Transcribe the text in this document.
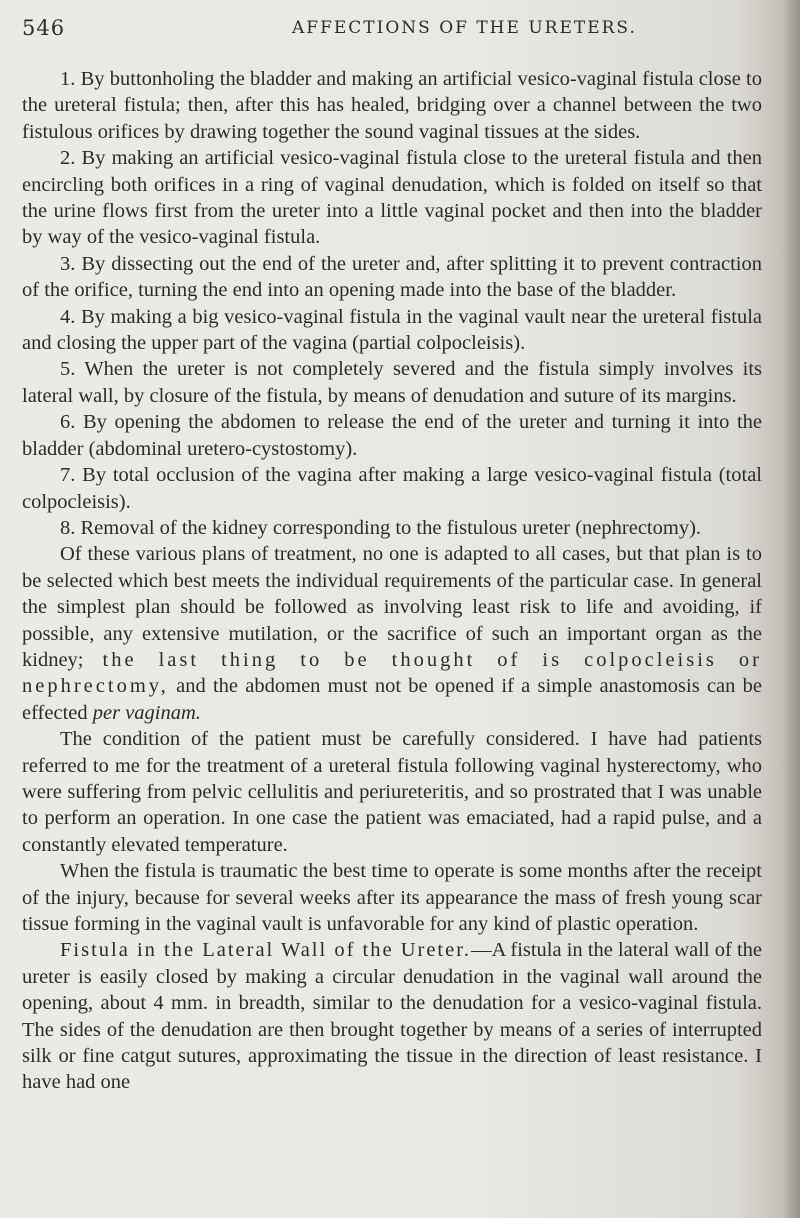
546	AFFECTIONS OF THE URETERS.

1. By buttonholing the bladder and making an artificial vesico-vaginal fistula close to the ureteral fistula; then, after this has healed, bridging over a channel between the two fistulous orifices by drawing together the sound vaginal tissues at the sides.

2. By making an artificial vesico-vaginal fistula close to the ureteral fistula and then encircling both orifices in a ring of vaginal denudation, which is folded on itself so that the urine flows first from the ureter into a little vaginal pocket and then into the bladder by way of the vesico-vaginal fistula.

3. By dissecting out the end of the ureter and, after splitting it to prevent contraction of the orifice, turning the end into an opening made into the base of the bladder.

4. By making a big vesico-vaginal fistula in the vaginal vault near the ureteral fistula and closing the upper part of the vagina (partial colpocleisis).

5. When the ureter is not completely severed and the fistula simply involves its lateral wall, by closure of the fistula, by means of denudation and suture of its margins.

6. By opening the abdomen to release the end of the ureter and turning it into the bladder (abdominal uretero-cystostomy).

7. By total occlusion of the vagina after making a large vesico-vaginal fistula (total colpocleisis).

8. Removal of the kidney corresponding to the fistulous ureter (nephrectomy).

Of these various plans of treatment, no one is adapted to all cases, but that plan is to be selected which best meets the individual requirements of the particular case. In general the simplest plan should be followed as involving least risk to life and avoiding, if possible, any extensive mutilation, or the sacrifice of such an important organ as the kidney; the last thing to be thought of is colpocleisis or nephrectomy, and the abdomen must not be opened if a simple anastomosis can be effected per vaginam.

The condition of the patient must be carefully considered. I have had patients referred to me for the treatment of a ureteral fistula following vaginal hysterectomy, who were suffering from pelvic cellulitis and periureteritis, and so prostrated that I was unable to perform an operation. In one case the patient was emaciated, had a rapid pulse, and a constantly elevated temperature.

When the fistula is traumatic the best time to operate is some months after the receipt of the injury, because for several weeks after its appearance the mass of fresh young scar tissue forming in the vaginal vault is unfavorable for any kind of plastic operation.

Fistula in the Lateral Wall of the Ureter.—A fistula in the lateral wall of the ureter is easily closed by making a circular denudation in the vaginal wall around the opening, about 4 mm. in breadth, similar to the denudation for a vesico-vaginal fistula. The sides of the denudation are then brought together by means of a series of interrupted silk or fine catgut sutures, approximating the tissue in the direction of least resistance. I have had one
